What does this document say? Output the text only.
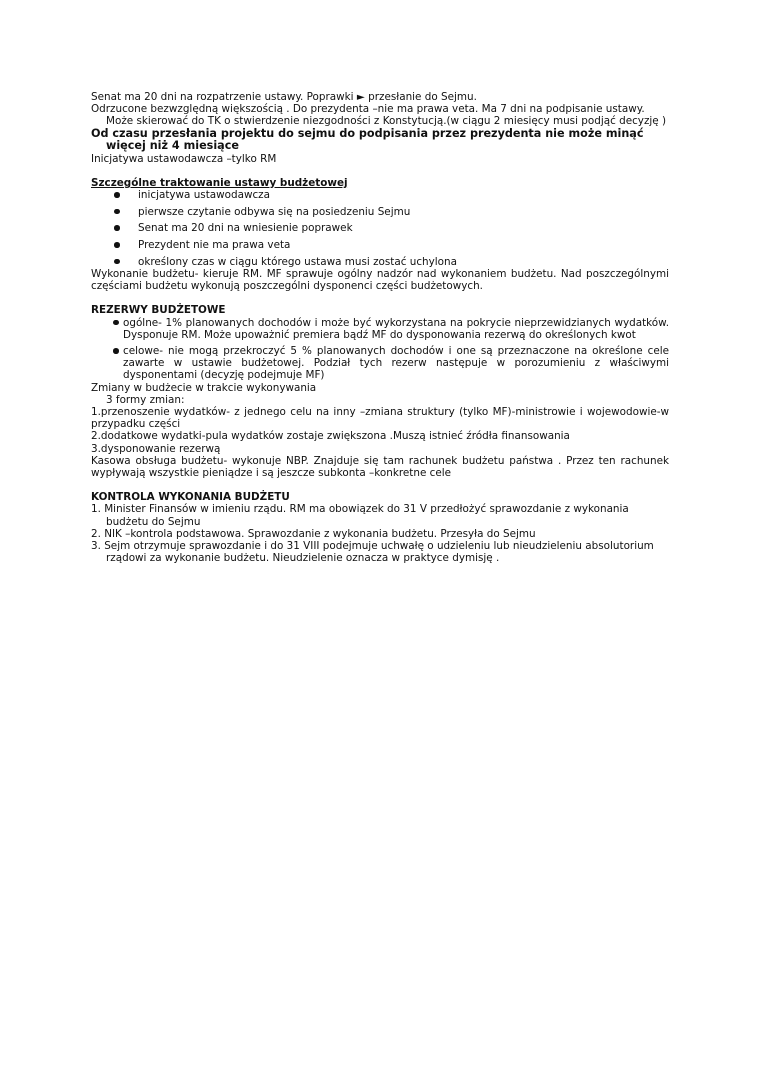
Senat ma 20 dni na rozpatrzenie ustawy. Poprawki ► przesłanie do Sejmu.

Odrzucone bezwzględną większością . Do prezydenta –nie ma prawa veta. Ma 7 dni na podpisanie ustawy. Może skierować do TK o stwierdzenie niezgodności z Konstytucją.(w ciągu 2 miesięcy musi podjąć decyzję )

Od czasu przesłania projektu do sejmu do podpisania przez prezydenta nie może minąć więcej niż 4 miesiące

Inicjatywa ustawodawcza –tylko RM

Szczególne traktowanie ustawy budżetowej

inicjatywa ustawodawcza
pierwsze czytanie odbywa się na posiedzeniu Sejmu
Senat ma 20 dni na wniesienie poprawek
Prezydent nie ma prawa veta
określony czas w ciągu którego ustawa musi zostać uchylona

Wykonanie budżetu- kieruje RM. MF sprawuje ogólny nadzór nad wykonaniem budżetu. Nad poszczególnymi częściami budżetu wykonują poszczególni dysponenci części budżetowych.

REZERWY BUDŻETOWE

ogólne- 1% planowanych dochodów i może być wykorzystana na pokrycie nieprzewidzianych wydatków. Dysponuje RM. Może upoważnić premiera bądź MF do dysponowania rezerwą do określonych kwot
celowe- nie mogą przekroczyć 5 % planowanych dochodów i one są przeznaczone na określone cele zawarte w ustawie budżetowej. Podział tych rezerw następuje w porozumieniu z właściwymi dysponentami (decyzję podejmuje MF)

Zmiany w budżecie w trakcie wykonywania

3 formy zmian:

1.przenoszenie wydatków- z jednego celu na inny –zmiana struktury (tylko MF)-ministrowie i wojewodowie-w przypadku części

2.dodatkowe wydatki-pula wydatków zostaje zwiększona .Muszą istnieć źródła finansowania

3.dysponowanie rezerwą

Kasowa obsługa budżetu- wykonuje NBP. Znajduje się tam rachunek budżetu państwa . Przez ten rachunek wypływają wszystkie pieniądze i są jeszcze subkonta –konkretne cele

KONTROLA WYKONANIA BUDŻETU

1. Minister Finansów w imieniu rządu. RM ma obowiązek do 31 V przedłożyć sprawozdanie z wykonania budżetu do Sejmu
2. NIK –kontrola podstawowa. Sprawozdanie z wykonania budżetu. Przesyła do Sejmu
3. Sejm otrzymuje sprawozdanie i do 31 VIII podejmuje uchwałę o udzieleniu lub nieudzieleniu absolutorium rządowi za wykonanie budżetu. Nieudzielenie oznacza w praktyce dymisję .
